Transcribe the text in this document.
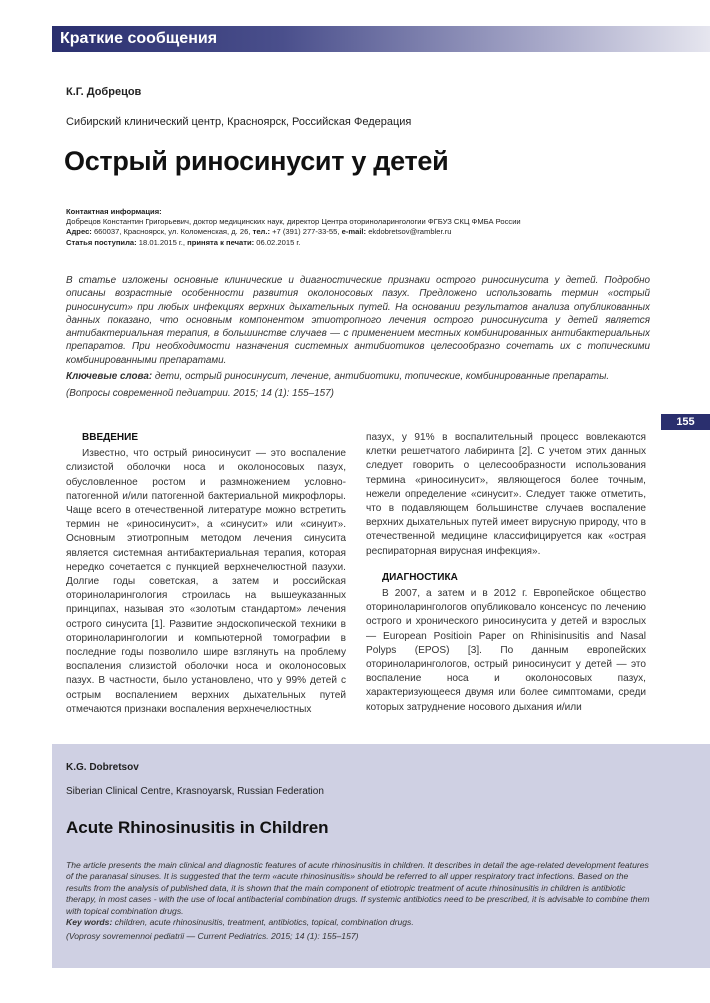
Краткие сообщения
К.Г. Добрецов
Сибирский клинический центр, Красноярск, Российская Федерация
Острый риносинусит у детей
Контактная информация:
Добрецов Константин Григорьевич, доктор медицинских наук, директор Центра оториноларингологии ФГБУЗ СКЦ ФМБА России
Адрес: 660037, Красноярск, ул. Коломенская, д. 26, тел.: +7 (391) 277-33-55, e-mail: ekdobretsov@rambler.ru
Статья поступила: 18.01.2015 г., принята к печати: 06.02.2015 г.

В статье изложены основные клинические и диагностические признаки острого риносинусита у детей. Подробно описаны возрастные особенности развития околоносовых пазух. Предложено использовать термин «острый риносинусит» при любых инфекциях верхних дыхательных путей. На основании результатов анализа опубликованных данных показано, что основным компонентом этиотропного лечения острого риносинусита у детей является антибактериальная терапия, в большинстве случаев — с применением местных комбинированных антибактериальных препаратов. При необходимости назначения системных антибиотиков целесообразно сочетать их с топическими комбинированными препаратами.

Ключевые слова: дети, острый риносинусит, лечение, антибиотики, топические, комбинированные препараты.

(Вопросы современной педиатрии. 2015; 14 (1): 155–157)

155
ВВЕДЕНИЕ

Известно, что острый риносинусит — это воспаление слизистой оболочки носа и околоносовых пазух, обусловленное ростом и размножением условно-патогенной и/или патогенной бактериальной микрофлоры. Чаще всего в отечественной литературе можно встретить термин не «риносинусит», а «синусит» или «синуит». Основным этиотропным методом лечения синусита является системная антибактериальная терапия, которая нередко сочетается с пункцией верхнечелюстной пазухи. Долгие годы советская, а затем и российская оториноларингология строилась на вышеуказанных принципах, называя это «золотым стандартом» лечения острого синусита [1]. Развитие эндоскопической техники в оториноларингологии и компьютерной томографии в последние годы позволило шире взглянуть на проблему воспаления слизистой оболочки носа и околоносовых пазух. В частности, было установлено, что у 99% детей с острым воспалением верхних дыхательных путей отмечаются признаки воспаления верхнечелюстных

пазух, у 91% в воспалительный процесс вовлекаются клетки решетчатого лабиринта [2]. С учетом этих данных следует говорить о целесообразности использования термина «риносинусит», являющегося более точным, нежели определение «синусит». Следует также отметить, что в подавляющем большинстве случаев воспаление верхних дыхательных путей имеет вирусную природу, что в отечественной медицине классифицируется как «острая респираторная вирусная инфекция».

ДИАГНОСТИКА

В 2007, а затем и в 2012 г. Европейское общество оториноларингологов опубликовало консенсус по лечению острого и хронического риносинусита у детей и взрослых — European Positioin Paper on Rhinisinusitis and Nasal Polyps (EPOS) [3]. По данным европейских оториноларингологов, острый риносинусит у детей — это воспаление носа и околоносовых пазух, характеризующееся двумя или более симптомами, среди которых затруднение носового дыхания и/или

K.G. Dobretsov
Siberian Clinical Centre, Krasnoyarsk, Russian Federation
Acute Rhinosinusitis in Children

The article presents the main clinical and diagnostic features of acute rhinosinusitis in children. It describes in detail the age-related development features of the paranasal sinuses. It is suggested that the term «acute rhinosinusitis» should be referred to all upper respiratory tract infections. Based on the results from the analysis of published data, it is shown that the main component of etiotropic treatment of acute rhinosinusitis in children is antibiotic therapy, in most cases - with the use of local antibacterial combination drugs. If systemic antibiotics need to be prescribed, it is advisable to combine them with topical combination drugs.

Key words: children, acute rhinosinusitis, treatment, antibiotics, topical, combination drugs.

(Voprosy sovremennoi pediatrii — Current Pediatrics. 2015; 14 (1): 155–157)
